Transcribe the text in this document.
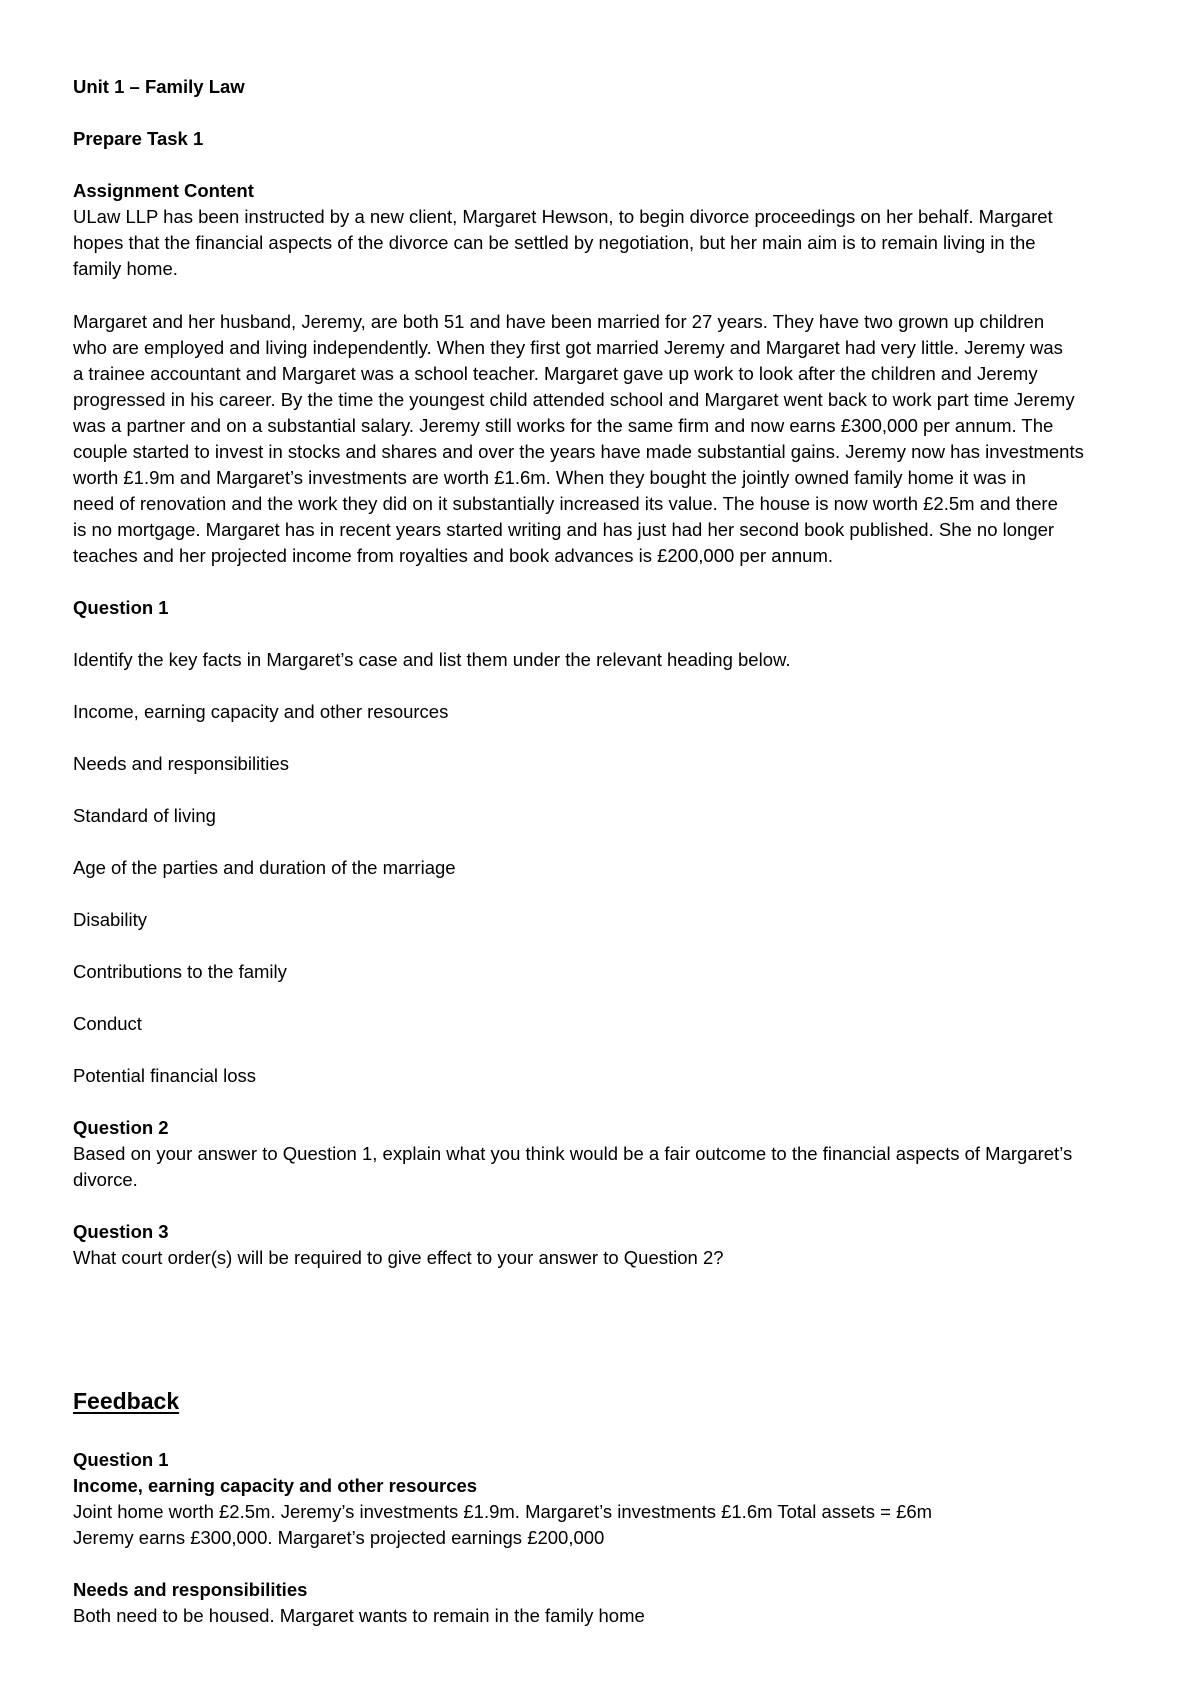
Unit 1 – Family Law

Prepare Task 1

Assignment Content

ULaw LLP has been instructed by a new client, Margaret Hewson, to begin divorce proceedings on her behalf. Margaret

hopes that the financial aspects of the divorce can be settled by negotiation, but her main aim is to remain living in the

family home.

Margaret and her husband, Jeremy, are both 51 and have been married for 27 years. They have two grown up children

who are employed and living independently. When they first got married Jeremy and Margaret had very little. Jeremy was

a trainee accountant and Margaret was a school teacher. Margaret gave up work to look after the children and Jeremy

progressed in his career. By the time the youngest child attended school and Margaret went back to work part time Jeremy

was a partner and on a substantial salary. Jeremy still works for the same firm and now earns £300,000 per annum. The

couple started to invest in stocks and shares and over the years have made substantial gains. Jeremy now has investments

worth £1.9m and Margaret’s investments are worth £1.6m. When they bought the jointly owned family home it was in

need of renovation and the work they did on it substantially increased its value. The house is now worth £2.5m and there

is no mortgage. Margaret has in recent years started writing and has just had her second book published. She no longer

teaches and her projected income from royalties and book advances is £200,000 per annum.

Question 1

Identify the key facts in Margaret’s case and list them under the relevant heading below.

Income, earning capacity and other resources

Needs and responsibilities

Standard of living

Age of the parties and duration of the marriage

Disability

Contributions to the family

Conduct

Potential financial loss

Question 2

Based on your answer to Question 1, explain what you think would be a fair outcome to the financial aspects of Margaret’s

divorce.

Question 3

What court order(s) will be required to give effect to your answer to Question 2?

Feedback

Question 1

Income, earning capacity and other resources

Joint home worth £2.5m. Jeremy’s investments £1.9m. Margaret’s investments £1.6m Total assets = £6m

Jeremy earns £300,000. Margaret’s projected earnings £200,000

Needs and responsibilities

Both need to be housed. Margaret wants to remain in the family home
